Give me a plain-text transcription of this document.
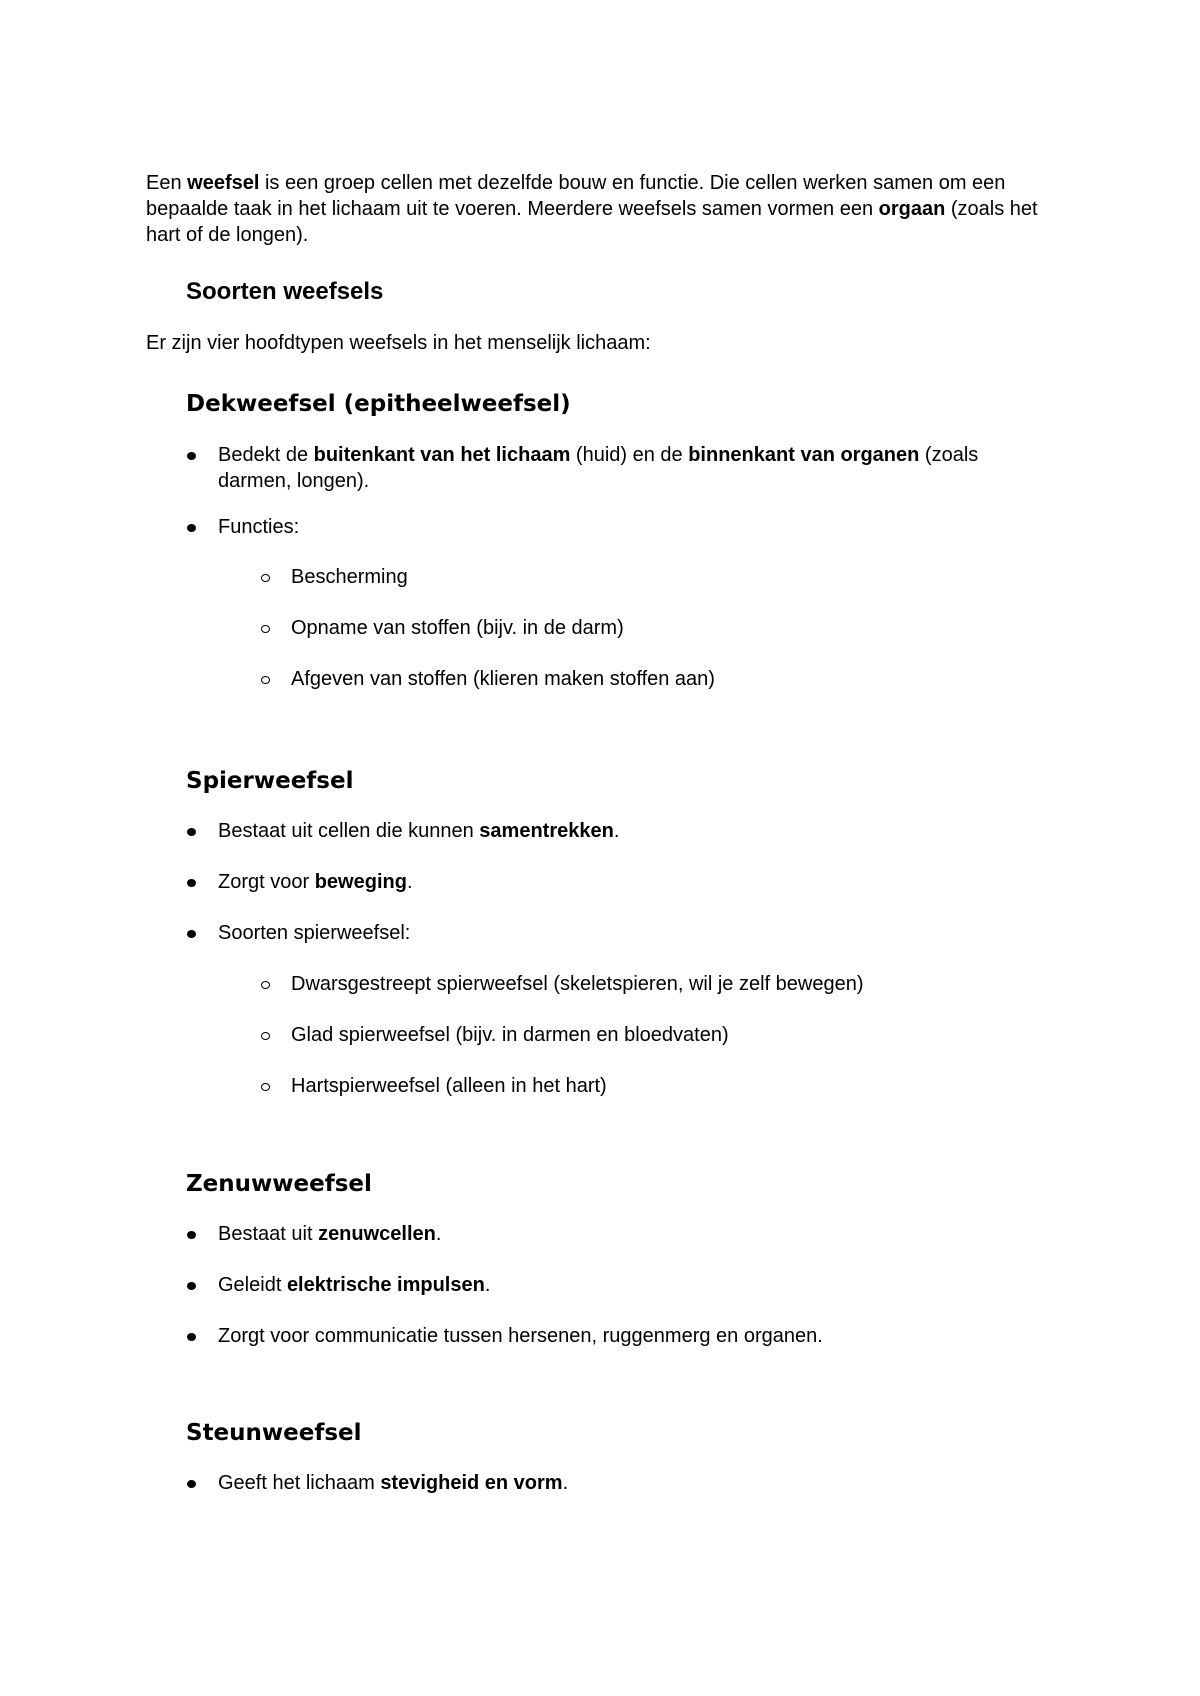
Een weefsel is een groep cellen met dezelfde bouw en functie. Die cellen werken samen om een bepaalde taak in het lichaam uit te voeren. Meerdere weefsels samen vormen een orgaan (zoals het hart of de longen).

Soorten weefsels

Er zijn vier hoofdtypen weefsels in het menselijk lichaam:

Dekweefsel (epitheelweefsel)
Bedekt de buitenkant van het lichaam (huid) en de binnenkant van organen (zoals darmen, longen).
Functies:
Bescherming
Opname van stoffen (bijv. in de darm)
Afgeven van stoffen (klieren maken stoffen aan)
Spierweefsel
Bestaat uit cellen die kunnen samentrekken.
Zorgt voor beweging.
Soorten spierweefsel:
Dwarsgestreept spierweefsel (skeletspieren, wil je zelf bewegen)
Glad spierweefsel (bijv. in darmen en bloedvaten)
Hartspierweefsel (alleen in het hart)
Zenuwweefsel
Bestaat uit zenuwcellen.
Geleidt elektrische impulsen.
Zorgt voor communicatie tussen hersenen, ruggenmerg en organen.
Steunweefsel
Geeft het lichaam stevigheid en vorm.
